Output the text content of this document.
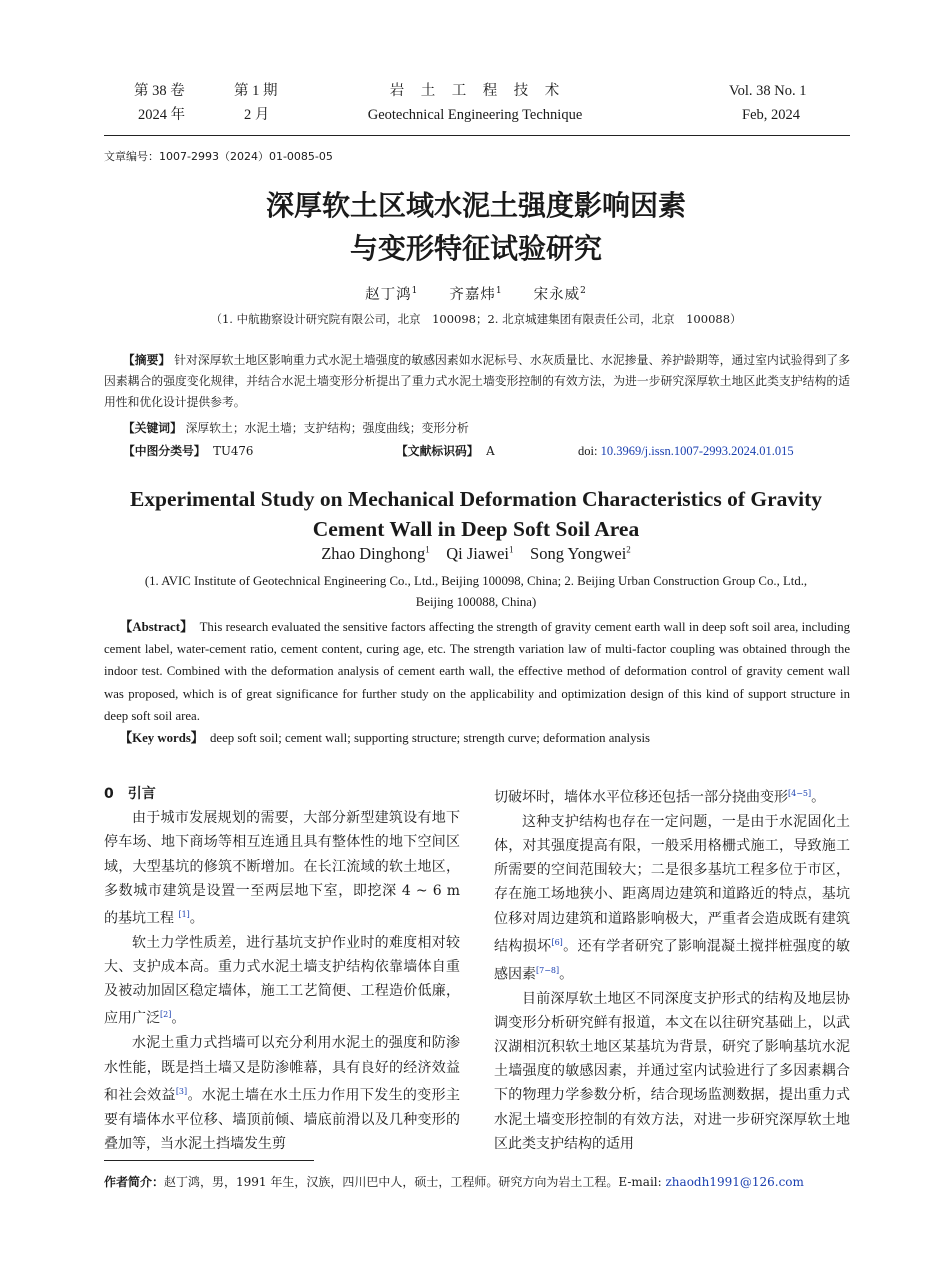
第 38 卷	第 1 期
2024 年	2 月
岩　土　工　程　技　术
Geotechnical Engineering Technique
Vol. 38 No. 1
Feb, 2024
文章编号：1007-2993（2024）01-0085-05
深厚软土区域水泥土强度影响因素
与变形特征试验研究
赵丁鸿$^1$　　 齐嘉炜$^1$　　 宋永威$^2$
（1. 中航勘察设计研究院有限公司，北京　100098；2. 北京城建集团有限责任公司，北京　100088）
【摘要】 针对深厚软土地区影响重力式水泥土墙强度的敏感因素如水泥标号、水灰质量比、水泥掺量、养护龄期等，通过室内试验得到了多因素耦合的强度变化规律，并结合水泥土墙变形分析提出了重力式水泥土墙变形控制的有效方法，为进一步研究深厚软土地区此类支护结构的适用性和优化设计提供参考。
【关键词】 深厚软土；水泥土墙；支护结构；强度曲线；变形分析
【中图分类号】 TU476	【文献标识码】 A	doi: 10.3969/j.issn.1007-2993.2024.01.015
Experimental Study on Mechanical Deformation Characteristics of Gravity
Cement Wall in Deep Soft Soil Area
Zhao Dinghong$^1$ Qi Jiawei$^1$ Song Yongwei$^2$
(1. AVIC Institute of Geotechnical Engineering Co., Ltd., Beijing 100098, China; 2. Beijing Urban Construction Group Co., Ltd.,
Beijing 100088, China)
【Abstract】 This research evaluated the sensitive factors affecting the strength of gravity cement earth wall in deep soft soil area, including cement label, water-cement ratio, cement content, curing age, etc. The strength variation law of multi-factor coupling was obtained through the indoor test. Combined with the deformation analysis of cement earth wall, the effective method of deformation control of gravity cement wall was proposed, which is of great significance for further study on the applicability and optimization design of this kind of support structure in deep soft soil area.
【Key words】 deep soft soil; cement wall; supporting structure; strength curve; deformation analysis
0　引言

由于城市发展规划的需要，大部分新型建筑设有地下停车场、地下商场等相互连通且具有整体性的地下空间区域，大型基坑的修筑不断增加。在长江流域的软土地区，多数城市建筑是设置一至两层地下室，即挖深 4 ~ 6 m 的基坑工程 [1]。

软土力学性质差，进行基坑支护作业时的难度相对较大、支护成本高。重力式水泥土墙支护结构依靠墙体自重及被动加固区稳定墙体，施工工艺简便、工程造价低廉，应用广泛[2]。

水泥土重力式挡墙可以充分利用水泥土的强度和防渗水性能，既是挡土墙又是防渗帷幕，具有良好的经济效益和社会效益[3]。水泥土墙在水土压力作用下发生的变形主要有墙体水平位移、墙顶前倾、墙底前滑以及几种变形的叠加等，当水泥土挡墙发生剪

切破坏时，墙体水平位移还包括一部分挠曲变形[4−5]。

这种支护结构也存在一定问题，一是由于水泥固化土体，对其强度提高有限，一般采用格栅式施工，导致施工所需要的空间范围较大；二是很多基坑工程多位于市区，存在施工场地狭小、距离周边建筑和道路近的特点，基坑位移对周边建筑和道路影响极大，严重者会造成既有建筑结构损坏[6]。还有学者研究了影响混凝土搅拌桩强度的敏感因素[7−8]。

目前深厚软土地区不同深度支护形式的结构及地层协调变形分析研究鲜有报道，本文在以往研究基础上，以武汉湖相沉积软土地区某基坑为背景，研究了影响基坑水泥土墙强度的敏感因素，并通过室内试验进行了多因素耦合下的物理力学参数分析，结合现场监测数据，提出重力式水泥土墙变形控制的有效方法，对进一步研究深厚软土地区此类支护结构的适用

作者简介：赵丁鸿，男，1991 年生，汉族，四川巴中人，硕士，工程师。研究方向为岩土工程。E-mail: zhaodh1991@126.com
